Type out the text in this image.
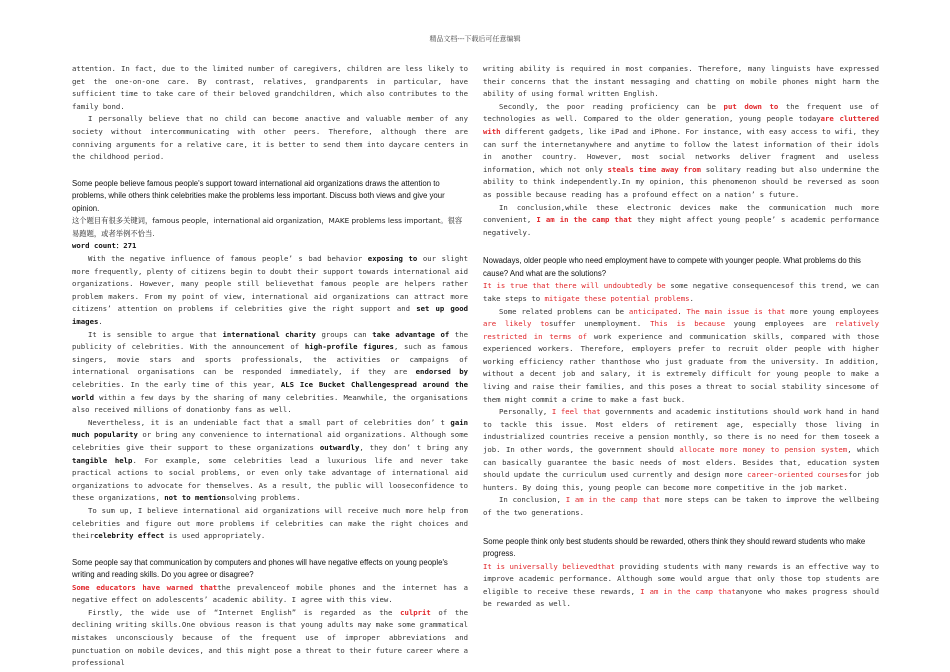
精品文档---下载后可任意编辑

attention. In fact, due to the limited number of caregivers, children are less likely to get the one-on-one care. By contrast, relatives, grandparents in particular, have sufficient time to take care of their beloved grandchildren, which also contributes to the family bond.

I personally believe that no child can become anactive and valuable member of any society without intercommunicating with other peers. Therefore, although there are conniving arguments for a relative care, it is better to send them into daycare centers in the childhood period.

Some people believe famous people's support toward international aid organizations draws the attention to problems, while others think celebrities make the problems less important. Discuss both views and give your opinion.

这个题目有很多关键词，famous people，international aid organization，MAKE problems less important。很容易跑题，或者举例不恰当.

word count：271

With the negative influence of famous people’ s bad behavior exposing to our slight more frequently, plenty of citizens begin to doubt their support towards international aid organizations. However, many people still believethat famous people are helpers rather problem makers. From my point of view, international aid organizations can attract more citizens’ attention on problems if celebrities give the right support and set up good images.

It is sensible to argue that international charity groups can take advantage of the publicity of celebrities. With the announcement of high-profile figures, such as famous singers, movie stars and sports professionals, the activities or campaigns of international organisations can be responded immediately, if they are endorsed by celebrities. In the early time of this year, ALS Ice Bucket Challengespread around the world within a few days by the sharing of many celebrities. Meanwhile, the organisations also received millions of donationby fans as well.

Nevertheless, it is an undeniable fact that a small part of celebrities don’ t gain much popularity or bring any convenience to international aid organizations. Although some celebrities give their support to these organizations outwardly, they don’ t bring any tangible help. For example, some celebrities lead a luxurious life and never take practical actions to social problems, or even only take advantage of international aid organizations to advocate for themselves. As a result, the public will looseconfidence to these organizations, not to mentionsolving problems.

To sum up, I believe international aid organizations will receive much more help from celebrities and figure out more problems if celebrities can make the right choices and theircelebrity effect is used appropriately.

Some people say that communication by computers and phones will have negative effects on young people's writing and reading skills. Do you agree or disagree?

Some educators have warned thatthe prevalenceof mobile phones and the internet has a negative effect on adolescents’ academic ability. I agree with this view.

Firstly, the wide use of “Internet English” is regarded as the culprit of the declining writing skills.One obvious reason is that young adults may make some grammatical mistakes unconsciously because of the frequent use of improper abbreviations and punctuation on mobile devices, and this might pose a threat to their future career where a professional

writing ability is required in most companies. Therefore, many linguists have expressed their concerns that the instant messaging and chatting on mobile phones might harm the ability of using formal written English.

Secondly, the poor reading proficiency can be put down to the frequent use of technologies as well. Compared to the older generation, young people todayare cluttered with different gadgets, like iPad and iPhone. For instance, with easy access to wifi, they can surf the internetanywhere and anytime to follow the latest information of their idols in another country. However, most social networks deliver fragment and useless information, which not only steals time away from solitary reading but also undermine the ability to think independently.In my opinion, this phenomenon should be reversed as soon as possible because reading has a profound effect on a nation’ s future.

In conclusion,while these electronic devices make the communication much more convenient, I am in the camp that they might affect young people’ s academic performance negatively.

Nowadays, older people who need employment have to compete with younger people. What problems do this cause? And what are the solutions?

It is true that there will undoubtedly be some negative consequencesof this trend, we can take steps to mitigate these potential problems.

Some related problems can be anticipated. The main issue is that more young employees are likely tosuffer unemployment. This is because young employees are relatively restricted in terms of work experience and communication skills, compared with those experienced workers. Therefore, employers prefer to recruit older people with higher working efficiency rather thanthose who just graduate from the university. In addition, without a decent job and salary, it is extremely difficult for young people to make a living and raise their families, and this poses a threat to social stability sincesome of them might commit a crime to make a fast buck.

Personally, I feel that governments and academic institutions should work hand in hand to tackle this issue. Most elders of retirement age, especially those living in industrialized countries receive a pension monthly, so there is no need for them toseek a job. In other words, the government should allocate more money to pension system, which can basically guarantee the basic needs of most elders. Besides that, education system should update the curriculum used currently and design more career-oriented coursesfor job hunters. By doing this, young people can become more competitive in the job market.

In conclusion, I am in the camp that more steps can be taken to improve the wellbeing of the two generations.

Some people think only best students should be rewarded, others think they should reward students who make progress.

It is universally believedthat providing students with many rewards is an effective way to improve academic performance. Although some would argue that only those top students are eligible to receive these rewards, I am in the camp thatanyone who makes progress should be rewarded as well.
